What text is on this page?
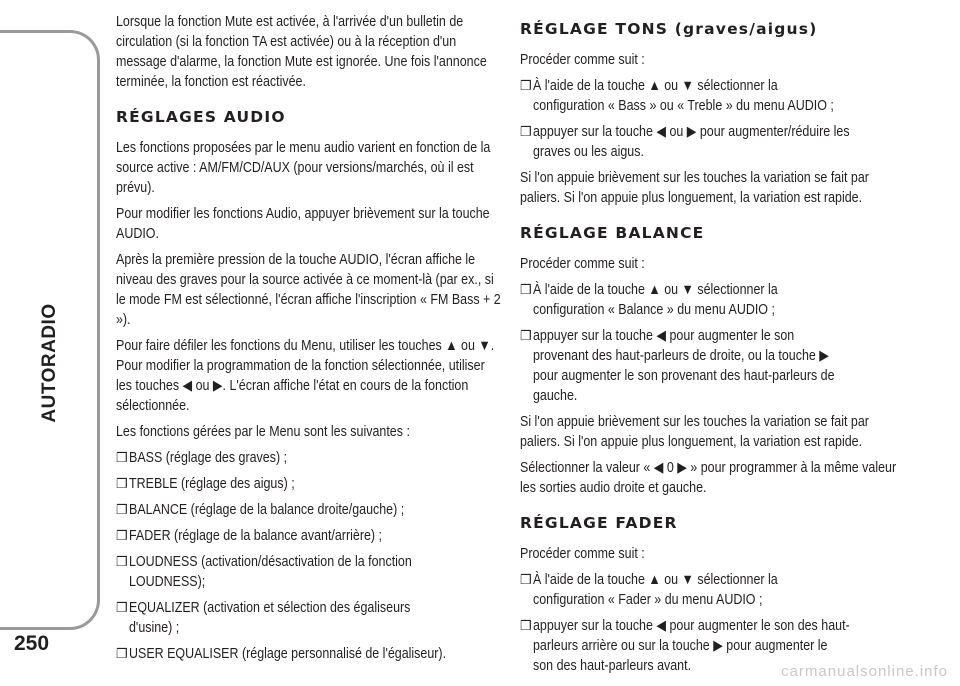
AUTORADIO
250

Lorsque la fonction Mute est activée, à l'arrivée d'un bulletin de circulation (si la fonction TA est activée) ou à la réception d'un message d'alarme, la fonction Mute est ignorée. Une fois l'annonce terminée, la fonction est réactivée.

RÉGLAGES AUDIO

Les fonctions proposées par le menu audio varient en fonction de la source active : AM/FM/CD/AUX (pour versions/marchés, où il est prévu).

Pour modifier les fonctions Audio, appuyer brièvement sur la touche AUDIO.

Après la première pression de la touche AUDIO, l'écran affiche le niveau des graves pour la source activée à ce moment-là (par ex., si le mode FM est sélectionné, l'écran affiche l'inscription « FM Bass + 2 »).

Pour faire défiler les fonctions du Menu, utiliser les touches ▲ ou ▼. Pour modifier la programmation de la fonction sélectionnée, utiliser les touches ◀ ou ▶. L'écran affiche l'état en cours de la fonction sélectionnée.

Les fonctions gérées par le Menu sont les suivantes :

❒ BASS (réglage des graves) ;

❒ TREBLE (réglage des aigus) ;

❒ BALANCE (réglage de la balance droite/gauche) ;

❒ FADER (réglage de la balance avant/arrière) ;

❒ LOUDNESS (activation/désactivation de la fonction LOUDNESS);

❒ EQUALIZER (activation et sélection des égaliseurs d'usine) ;

❒ USER EQUALISER (réglage personnalisé de l'égaliseur).

RÉGLAGE TONS (graves/aigus)

Procéder comme suit :

❒ À l'aide de la touche ▲ ou ▼ sélectionner la configuration « Bass » ou « Treble » du menu AUDIO ;

❒ appuyer sur la touche ◀ ou ▶ pour augmenter/réduire les graves ou les aigus.

Si l'on appuie brièvement sur les touches la variation se fait par paliers. Si l'on appuie plus longuement, la variation est rapide.

RÉGLAGE BALANCE

Procéder comme suit :

❒ À l'aide de la touche ▲ ou ▼ sélectionner la configuration « Balance » du menu AUDIO ;

❒ appuyer sur la touche ◀ pour augmenter le son provenant des haut-parleurs de droite, ou la touche ▶ pour augmenter le son provenant des haut-parleurs de gauche.

Si l'on appuie brièvement sur les touches la variation se fait par paliers. Si l'on appuie plus longuement, la variation est rapide.

Sélectionner la valeur « ◀ 0 ▶ » pour programmer à la même valeur les sorties audio droite et gauche.

RÉGLAGE FADER

Procéder comme suit :

❒ À l'aide de la touche ▲ ou ▼ sélectionner la configuration « Fader » du menu AUDIO ;

❒ appuyer sur la touche ◀ pour augmenter le son des haut-parleurs arrière ou sur la touche ▶ pour augmenter le son des haut-parleurs avant.	carmanualsonline.info
